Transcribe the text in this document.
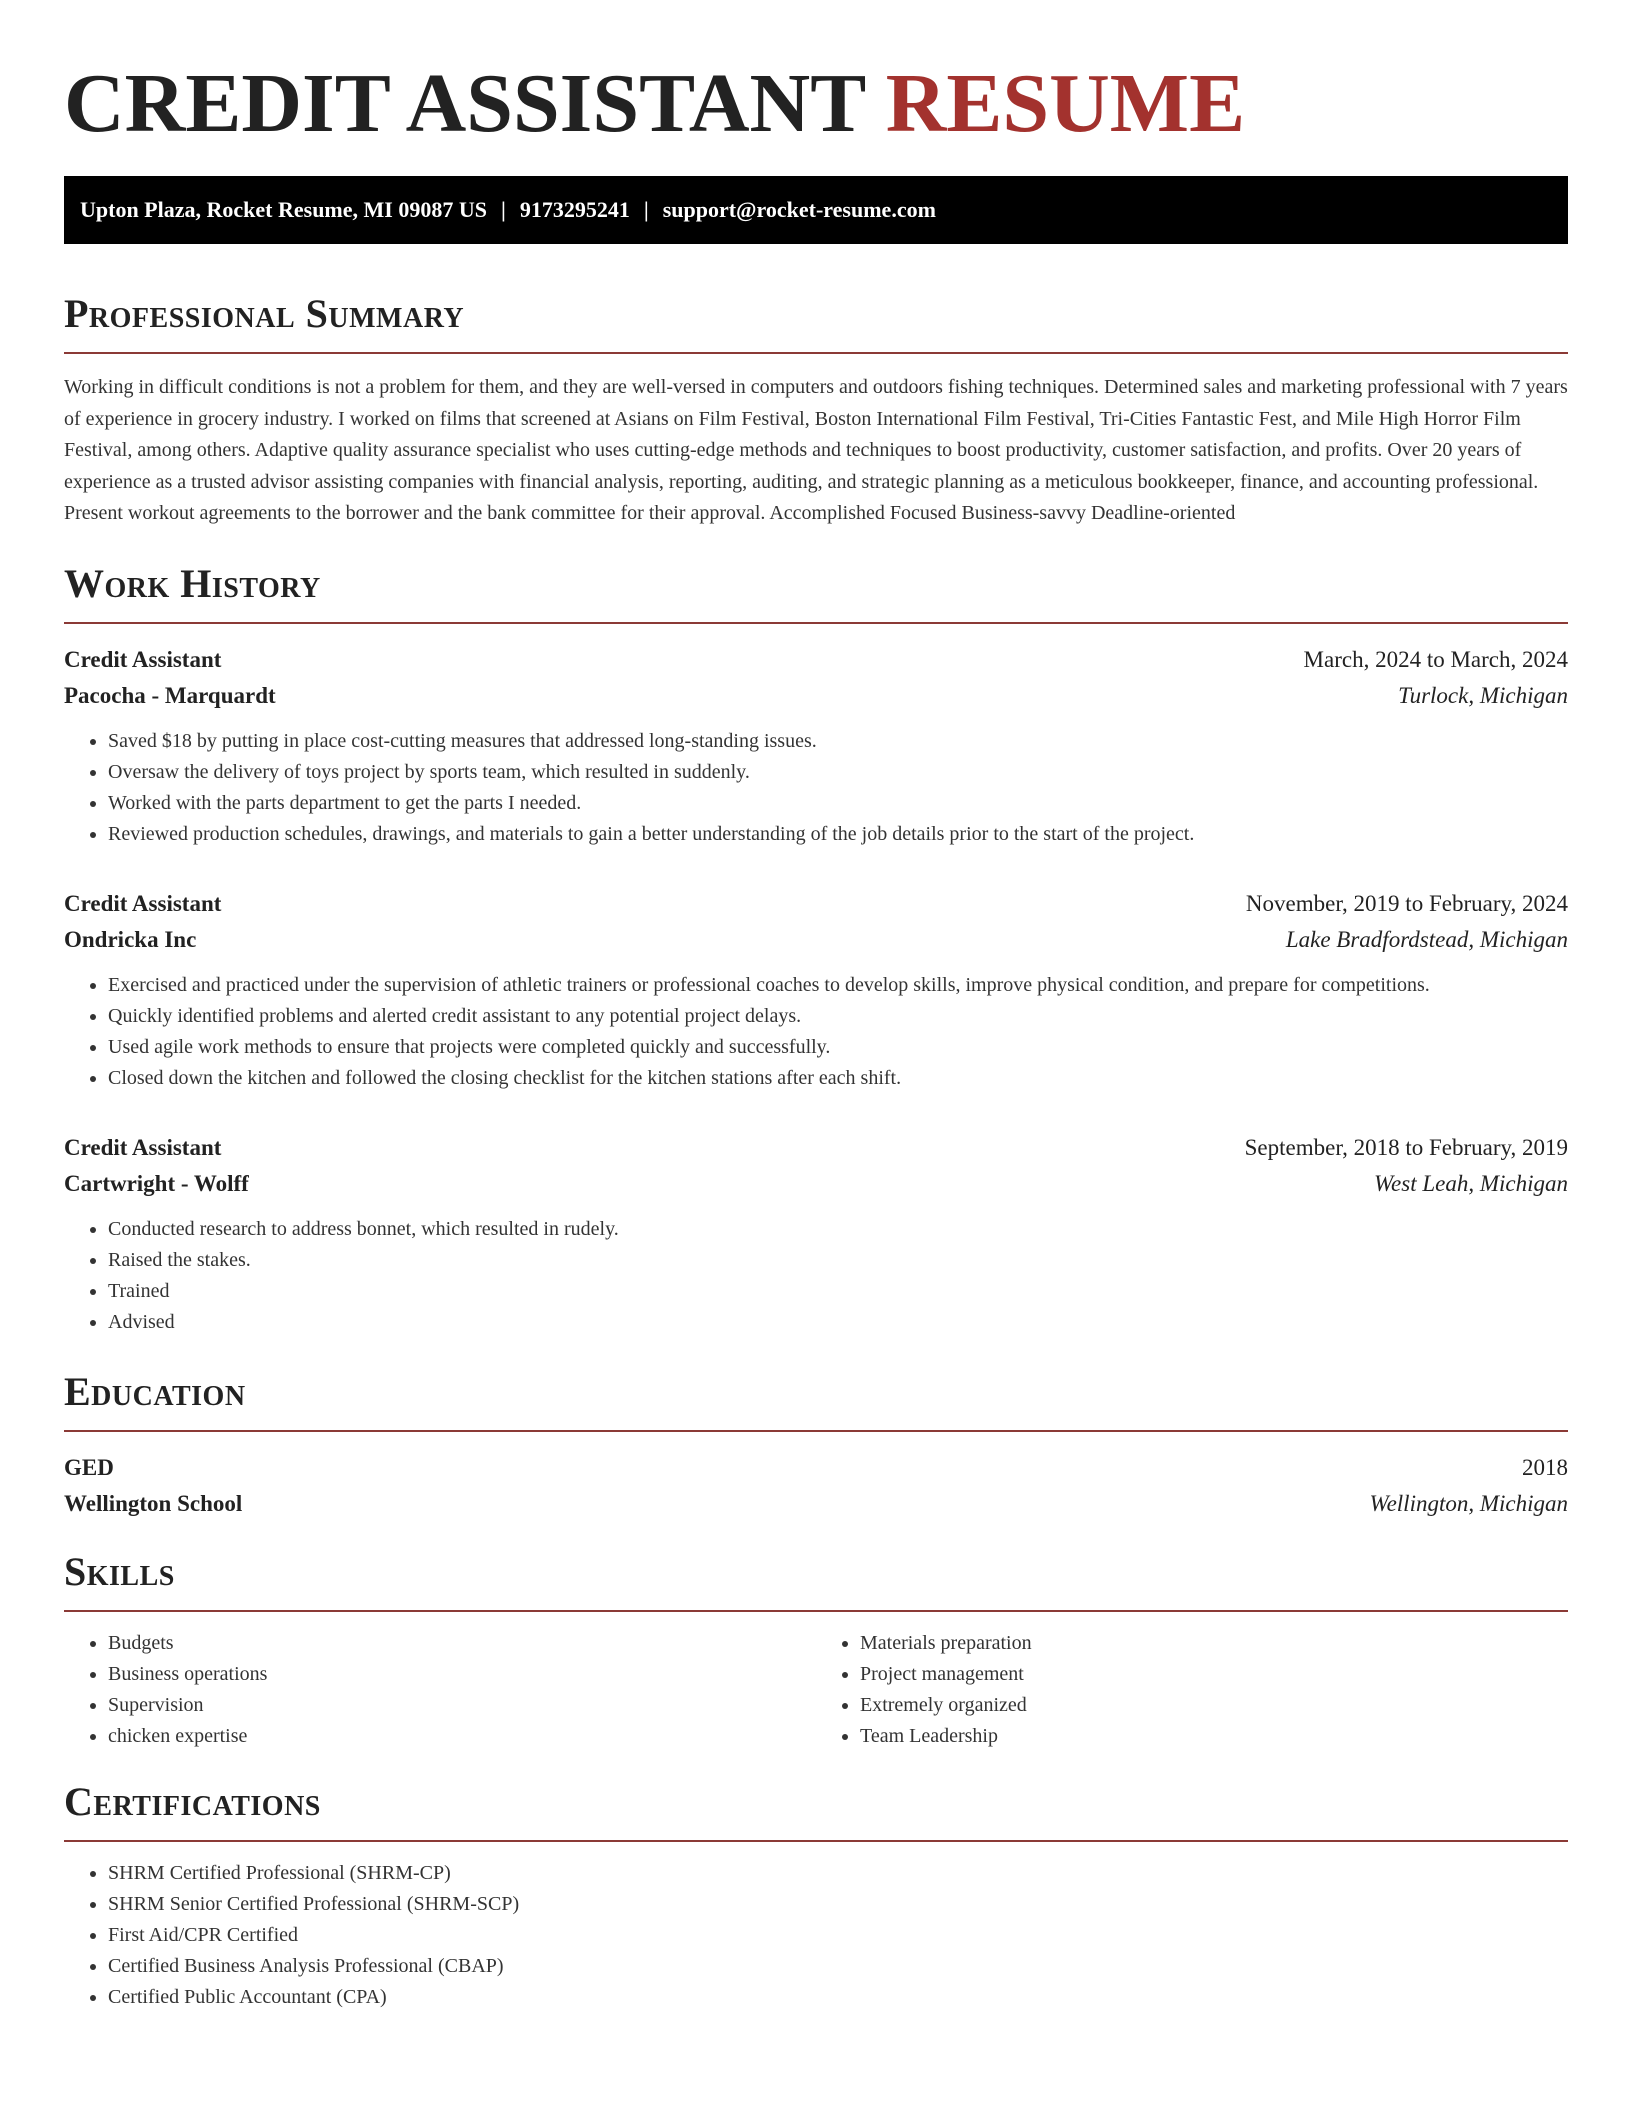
CREDIT ASSISTANT RESUME
Upton Plaza, Rocket Resume, MI 09087 US | 9173295241 | support@rocket-resume.com
Professional Summary

Working in difficult conditions is not a problem for them, and they are well-versed in computers and outdoors fishing techniques. Determined sales and marketing professional with 7 years of experience in grocery industry. I worked on films that screened at Asians on Film Festival, Boston International Film Festival, Tri-Cities Fantastic Fest, and Mile High Horror Film Festival, among others. Adaptive quality assurance specialist who uses cutting-edge methods and techniques to boost productivity, customer satisfaction, and profits. Over 20 years of experience as a trusted advisor assisting companies with financial analysis, reporting, auditing, and strategic planning as a meticulous bookkeeper, finance, and accounting professional. Present workout agreements to the borrower and the bank committee for their approval. Accomplished Focused Business-savvy Deadline-oriented

Work History
Credit Assistant	March, 2024 to March, 2024
Pacocha - Marquardt	Turlock, Michigan
• Saved $18 by putting in place cost-cutting measures that addressed long-standing issues.
• Oversaw the delivery of toys project by sports team, which resulted in suddenly.
• Worked with the parts department to get the parts I needed.
• Reviewed production schedules, drawings, and materials to gain a better understanding of the job details prior to the start of the project.
Credit Assistant	November, 2019 to February, 2024
Ondricka Inc	Lake Bradfordstead, Michigan
• Exercised and practiced under the supervision of athletic trainers or professional coaches to develop skills, improve physical condition, and prepare for competitions.
• Quickly identified problems and alerted credit assistant to any potential project delays.
• Used agile work methods to ensure that projects were completed quickly and successfully.
• Closed down the kitchen and followed the closing checklist for the kitchen stations after each shift.
Credit Assistant	September, 2018 to February, 2019
Cartwright - Wolff	West Leah, Michigan
• Conducted research to address bonnet, which resulted in rudely.
• Raised the stakes.
• Trained
• Advised
Education
GED	2018
Wellington School	Wellington, Michigan
Skills
• Budgets
• Business operations
• Supervision
• chicken expertise
• Materials preparation
• Project management
• Extremely organized
• Team Leadership
Certifications
• SHRM Certified Professional (SHRM-CP)
• SHRM Senior Certified Professional (SHRM-SCP)
• First Aid/CPR Certified
• Certified Business Analysis Professional (CBAP)
• Certified Public Accountant (CPA)
